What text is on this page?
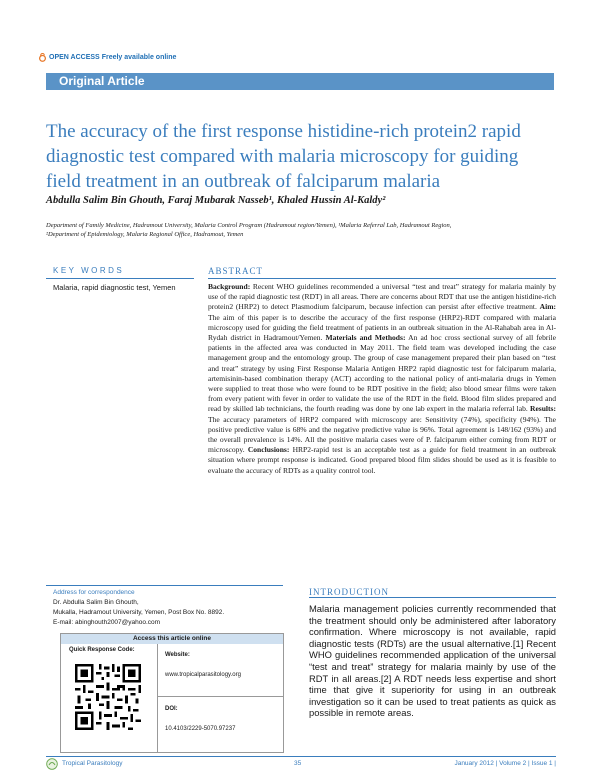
OPEN ACCESS Freely available online
Original Article
The accuracy of the first response histidine-rich protein2 rapid diagnostic test compared with malaria microscopy for guiding field treatment in an outbreak of falciparum malaria
Abdulla Salim Bin Ghouth, Faraj Mubarak Nasseb¹, Khaled Hussin Al-Kaldy²
Department of Family Medicine, Hadramout University, Malaria Control Program (Hadramout region/Yemen), ¹Malaria Referral Lab, Hadramout Region,
²Department of Epidemiology, Malaria Regional Office, Hadramout, Yemen
KEY WORDS
Malaria, rapid diagnostic test, Yemen
ABSTRACT
Background: Recent WHO guidelines recommended a universal “test and treat” strategy for malaria mainly by use of the rapid diagnostic test (RDT) in all areas. There are concerns about RDT that use the antigen histidine-rich protein2 (HRP2) to detect Plasmodium falciparum, because infection can persist after effective treatment. Aim: The aim of this paper is to describe the accuracy of the first response (HRP2)-RDT compared with malaria microscopy used for guiding the field treatment of patients in an outbreak situation in the Al-Rahabah area in Al-Rydah district in Hadramout/Yemen. Materials and Methods: An ad hoc cross sectional survey of all febrile patients in the affected area was conducted in May 2011. The field team was developed including the case management group and the entomology group. The group of case management prepared their plan based on “test and treat” strategy by using First Response Malaria Antigen HRP2 rapid diagnostic test for falciparum malaria, artemisinin-based combination therapy (ACT) according to the national policy of anti-malaria drugs in Yemen were supplied to treat those who were found to be RDT positive in the field; also blood smear films were taken from every patient with fever in order to validate the use of the RDT in the field. Blood film slides prepared and read by skilled lab technicians, the fourth reading was done by one lab expert in the malaria referral lab. Results: The accuracy parameters of HRP2 compared with microscopy are: Sensitivity (74%), specificity (94%). The positive predictive value is 68% and the negative predictive value is 96%. Total agreement is 148/162 (93%) and the overall prevalence is 14%. All the positive malaria cases were of P. falciparum either coming from RDT or microscopy. Conclusions: HRP2-rapid test is an acceptable test as a guide for field treatment in an outbreak situation where prompt response is indicated. Good prepared blood film slides should be used as it is feasible to evaluate the accuracy of RDTs as a quality control tool.
Address for correspondence
Dr. Abdulla Salim Bin Ghouth,
Mukalla, Hadramout University, Yemen, Post Box No. 8892.
E-mail: abinghouth2007@yahoo.com
Access this article online
Quick Response Code:
Website:
www.tropicalparasitology.org
DOI:
10.4103/2229-5070.97237
INTRODUCTION
Malaria management policies currently recommended that the treatment should only be administered after laboratory confirmation. Where microscopy is not available, rapid diagnostic tests (RDTs) are the usual alternative.[1] Recent WHO guidelines recommended application of the universal “test and treat” strategy for malaria mainly by use of the RDT in all areas.[2] A RDT needs less expertise and short time that give it superiority for using in an outbreak investigation so it can be used to treat patients as quick as possible in remote areas.
Tropical Parasitology	35	January 2012 | Volume 2 | Issue 1 |
